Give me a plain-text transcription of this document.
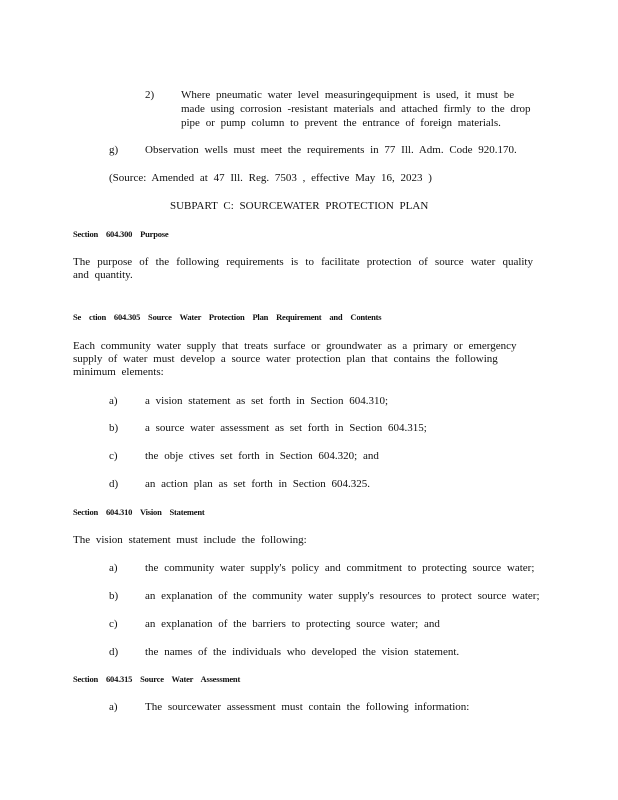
2) Where pneumatic water level measuringequipment is used, it must be
made using corrosion -resistant materials and attached firmly to the drop
pipe or pump column to prevent the entrance of foreign materials.
g) Observation wells must meet the requirements in 77 Ill. Adm. Code 920.170.
(Source: Amended at 47 Ill. Reg. 7503 , effective May 16, 2023 )
SUBPART C: SOURCEWATER PROTECTION PLAN
Section 604.300 Purpose
The purpose of the following requirements is to facilitate protection of source water quality and quantity.
Se ction 604.305 Source Water Protection Plan Requirement and Contents
Each community water supply that treats surface or groundwater as a primary or emergency
supply of water must develop a source water protection plan that contains the following
minimum elements:
a) a vision statement as set forth in Section 604.310;
b) a source water assessment as set forth in Section 604.315;
c) the obje ctives set forth in Section 604.320; and
d) an action plan as set forth in Section 604.325.
Section 604.310 Vision Statement
The vision statement must include the following:
a) the community water supply's policy and commitment to protecting source water;
b) an explanation of the community water supply's resources to protect source water;
c) an explanation of the barriers to protecting source water; and
d) the names of the individuals who developed the vision statement.
Section 604.315 Source Water Assessment
a) The sourcewater assessment must contain the following information:
